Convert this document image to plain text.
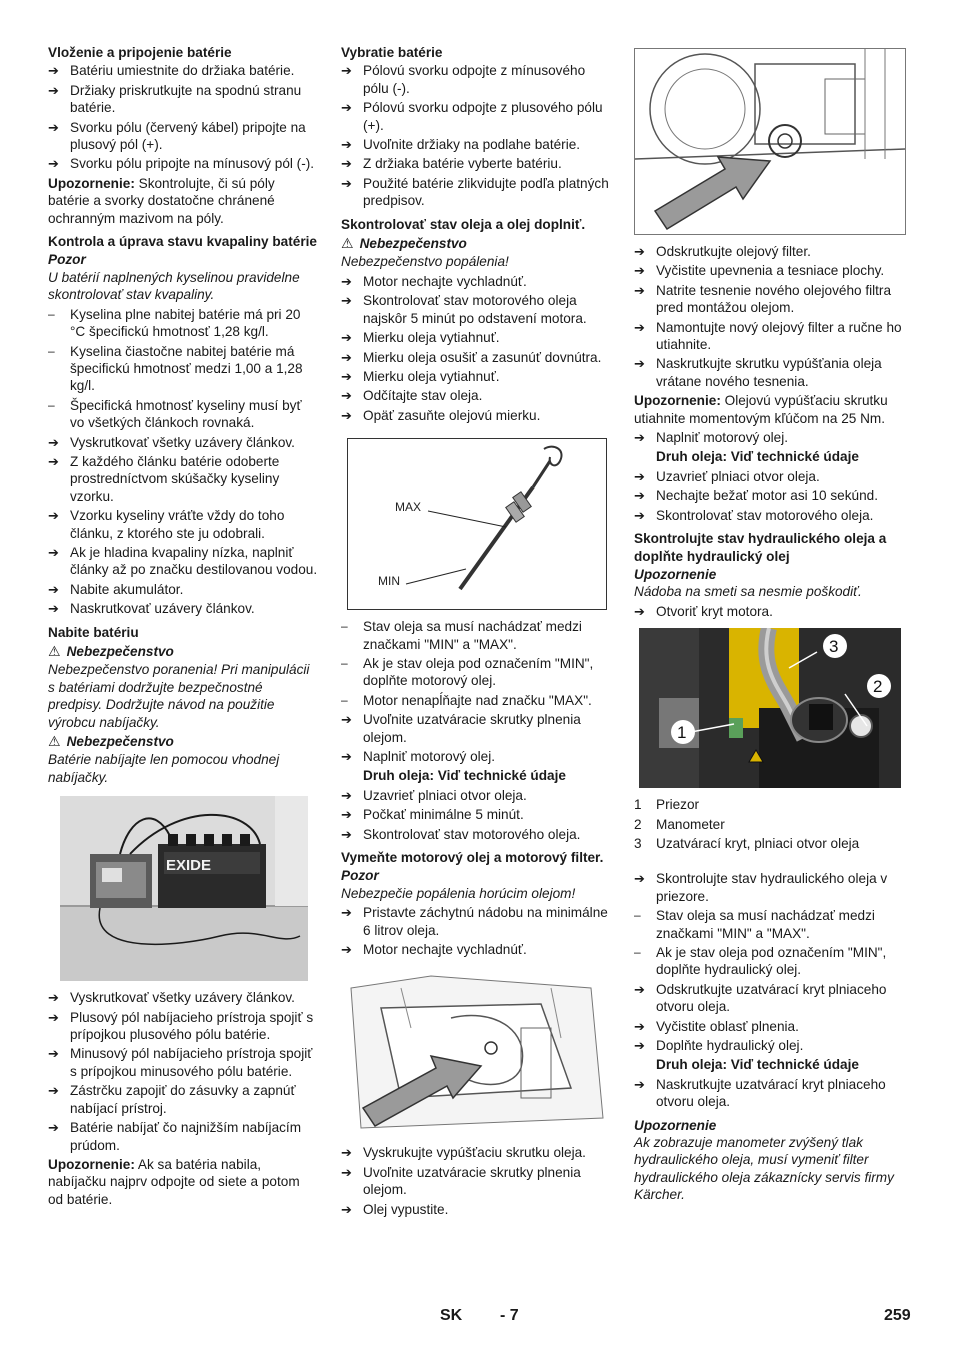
Vloženie a pripojenie batérie
➔ Batériu umiestnite do držiaka batérie.
➔ Držiaky priskrutkujte na spodnú stranu batérie.
➔ Svorku pólu (červený kábel) pripojte na plusový pól (+).
➔ Svorku pólu pripojte na mínusový pól (-).
Upozornenie: Skontrolujte, či sú póly batérie a svorky dostatočne chránené ochranným mazivom na póly.
Kontrola a úprava stavu kvapaliny batérie
Pozor
U batérií naplnených kyselinou pravidelne skontrolovať stav kvapaliny.
–	Kyselina plne nabitej batérie má pri 20 °C špecifickú hmotnosť 1,28 kg/l.
–	Kyselina čiastočne nabitej batérie má špecifickú hmotnosť medzi 1,00 a 1,28 kg/l.
–	Špecifická hmotnosť kyseliny musí byť vo všetkých článkoch rovnaká.
➔ Vyskrutkovať všetky uzávery článkov.
➔ Z každého článku batérie odoberte prostredníctvom skúšačky kyseliny vzorku.
➔ Vzorku kyseliny vráťte vždy do toho článku, z ktorého ste ju odobrali.
➔ Ak je hladina kvapaliny nízka, naplniť články až po značku destilovanou vodou.
➔ Nabite akumulátor.
➔ Naskrutkovať uzávery článkov.
Nabite batériu
⚠ Nebezpečenstvo
Nebezpečenstvo poranenia! Pri manipulácii s batériami dodržujte bezpečnostné predpisy. Dodržujte návod na použitie výrobcu nabíjačky.
⚠ Nebezpečenstvo
Batérie nabíjajte len pomocou vhodnej nabíjačky.
EXIDE
➔ Vyskrutkovať všetky uzávery článkov.
➔ Plusový pól nabíjacieho prístroja spojiť s prípojkou plusového pólu batérie.
➔ Minusový pól nabíjacieho prístroja spojiť s prípojkou minusového pólu batérie.
➔ Zástrčku zapojiť do zásuvky a zapnúť nabíjací prístroj.
➔ Batérie nabíjať čo najnižším nabíjacím prúdom.
Upozornenie: Ak sa batéria nabila, nabíjačku najprv odpojte od siete a potom od batérie.
Vybratie batérie
➔ Pólovú svorku odpojte z mínusového pólu (-).
➔ Pólovú svorku odpojte z plusového pólu (+).
➔ Uvoľnite držiaky na podlahe batérie.
➔ Z držiaka batérie vyberte batériu.
➔ Použité batérie zlikvidujte podľa platných predpisov.
Skontrolovať stav oleja a olej doplniť.
⚠ Nebezpečenstvo
Nebezpečenstvo popálenia!
➔ Motor nechajte vychladnúť.
➔ Skontrolovať stav motorového oleja najskôr 5 minút po odstavení motora.
➔ Mierku oleja vytiahnuť.
➔ Mierku oleja osušiť a zasunúť dovnútra.
➔ Mierku oleja vytiahnuť.
➔ Odčítajte stav oleja.
➔ Opäť zasuňte olejovú mierku.
MAX
MIN
–	Stav oleja sa musí nachádzať medzi značkami "MIN" a "MAX".
–	Ak je stav oleja pod označením "MIN", doplňte motorový olej.
–	Motor nenapĺňajte nad značku "MAX".
➔ Uvoľnite uzatváracie skrutky plnenia olejom.
➔ Naplniť motorový olej.
Druh oleja: Viď technické údaje
➔ Uzavrieť plniaci otvor oleja.
➔ Počkať minimálne 5 minút.
➔ Skontrolovať stav motorového oleja.
Vymeňte motorový olej a motorový filter.
Pozor
Nebezpečie popálenia horúcim olejom!
➔ Pristavte záchytnú nádobu na minimálne 6 litrov oleja.
➔ Motor nechajte vychladnúť.
➔ Vyskrukujte vypúšťaciu skrutku oleja.
➔ Uvoľnite uzatváracie skrutky plnenia olejom.
➔ Olej vypustite.
➔ Odskrutkujte olejový filter.
➔ Vyčistite upevnenia a tesniace plochy.
➔ Natrite tesnenie nového olejového filtra pred montážou olejom.
➔ Namontujte nový olejový filter a ručne ho utiahnite.
➔ Naskrutkujte skrutku vypúšťania oleja vrátane nového tesnenia.
Upozornenie: Olejovú vypúšťaciu skrutku utiahnite momentovým kľúčom na 25 Nm.
➔ Naplniť motorový olej.
Druh oleja: Viď technické údaje
➔ Uzavrieť plniaci otvor oleja.
➔ Nechajte bežať motor asi 10 sekúnd.
➔ Skontrolovať stav motorového oleja.
Skontrolujte stav hydraulického oleja a doplňte hydraulický olej
Upozornenie
Nádoba na smeti sa nesmie poškodiť.
➔ Otvoriť kryt motora.
1
2
3
1 Priezor
2 Manometer
3 Uzatvárací kryt, plniaci otvor oleja
➔ Skontrolujte stav hydraulického oleja v priezore.
–	Stav oleja sa musí nachádzať medzi značkami "MIN" a "MAX".
–	Ak je stav oleja pod označením "MIN", doplňte hydraulický olej.
➔ Odskrutkujte uzatvárací kryt plniaceho otvoru oleja.
➔ Vyčistite oblasť plnenia.
➔ Doplňte hydraulický olej.
Druh oleja: Viď technické údaje
➔ Naskrutkujte uzatvárací kryt plniaceho otvoru oleja.
Upozornenie
Ak zobrazuje manometer zvýšený tlak hydraulického oleja, musí vymeniť filter hydraulického oleja zákaznícky servis firmy Kärcher.
SK - 7	259
